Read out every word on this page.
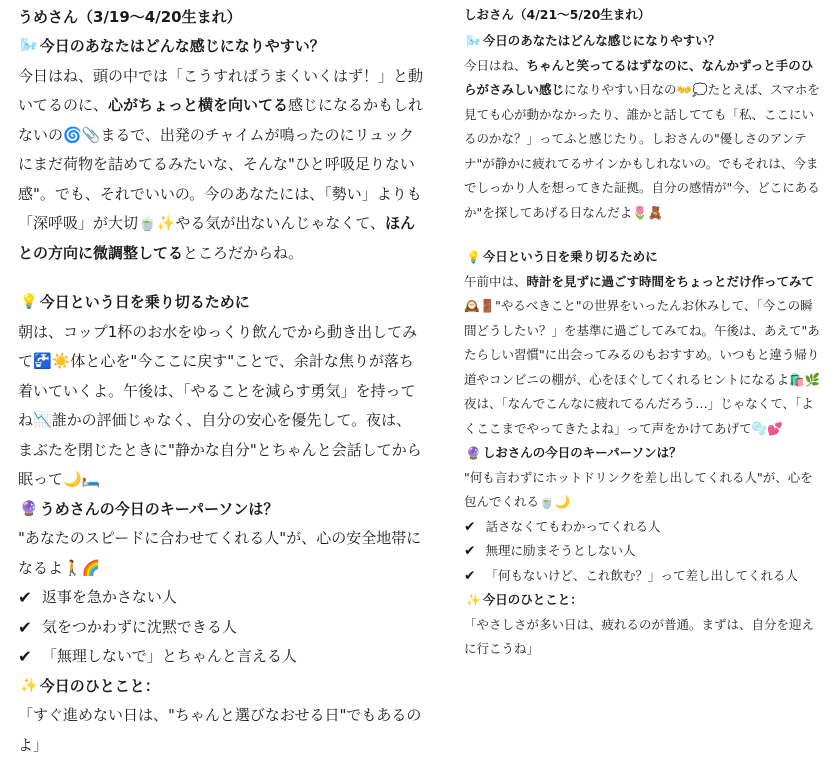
うめさん（3/19〜4/20生まれ）
🌬️ 今日のあなたはどんな感じになりやすい？

今日はね、頭の中では「こうすればうまくいくはず！」と動いてるのに、心がちょっと横を向いてる感じになるかもしれないの🌀📎まるで、出発のチャイムが鳴ったのにリュックにまだ荷物を詰めてるみたいな、そんな"ひと呼吸足りない感"。でも、それでいいの。今のあなたには、「勢い」よりも「深呼吸」が大切🍵✨やる気が出ないんじゃなくて、ほんとの方向に微調整してるところだからね。

💡 今日という日を乗り切るために

朝は、コップ1杯のお水をゆっくり飲んでから動き出してみて🚰☀️体と心を"今ここに戻す"ことで、余計な焦りが落ち着いていくよ。午後は、「やることを減らす勇気」を持ってね📉誰かの評価じゃなく、自分の安心を優先して。夜は、まぶたを閉じたときに"静かな自分"とちゃんと会話してから眠って🌙🛏️

🔮 うめさんの今日のキーパーソンは？

"あなたのスピードに合わせてくれる人"が、心の安全地帯になるよ🚶🌈

✔ 返事を急かさない人
✔ 気をつかわずに沈黙できる人
✔ 「無理しないで」とちゃんと言える人
✨ 今日のひとこと：

「すぐ進めない日は、"ちゃんと選びなおせる日"でもあるのよ」

しおさん（4/21〜5/20生まれ）
🌬️ 今日のあなたはどんな感じになりやすい？

今日はね、ちゃんと笑ってるはずなのに、なんかずっと手のひらがさみしい感じになりやすい日なの👐💭たとえば、スマホを見ても心が動かなかったり、誰かと話してても「私、ここにいるのかな？」ってふと感じたり。しおさんの"優しさのアンテナ"が静かに疲れてるサインかもしれないの。でもそれは、今までしっかり人を想ってきた証拠。自分の感情が"今、どこにあるか"を探してあげる日なんだよ🌷🧸

💡 今日という日を乗り切るために

午前中は、時計を見ずに過ごす時間をちょっとだけ作ってみて🕰️🚪"やるべきこと"の世界をいったんお休みして、「今この瞬間どうしたい？」を基準に過ごしてみてね。午後は、あえて"あたらしい習慣"に出会ってみるのもおすすめ。いつもと違う帰り道やコンビニの棚が、心をほぐしてくれるヒントになるよ🛍️🌿夜は、「なんでこんなに疲れてるんだろう…」じゃなくて、「よくここまでやってきたよね」って声をかけてあげて🫧💕

🔮 しおさんの今日のキーパーソンは？

"何も言わずにホットドリンクを差し出してくれる人"が、心を包んでくれる🍵🌙

✔ 話さなくてもわかってくれる人
✔ 無理に励まそうとしない人
✔ 「何もないけど、これ飲む？」って差し出してくれる人
✨ 今日のひとこと：

「やさしさが多い日は、疲れるのが普通。まずは、自分を迎えに行こうね」
